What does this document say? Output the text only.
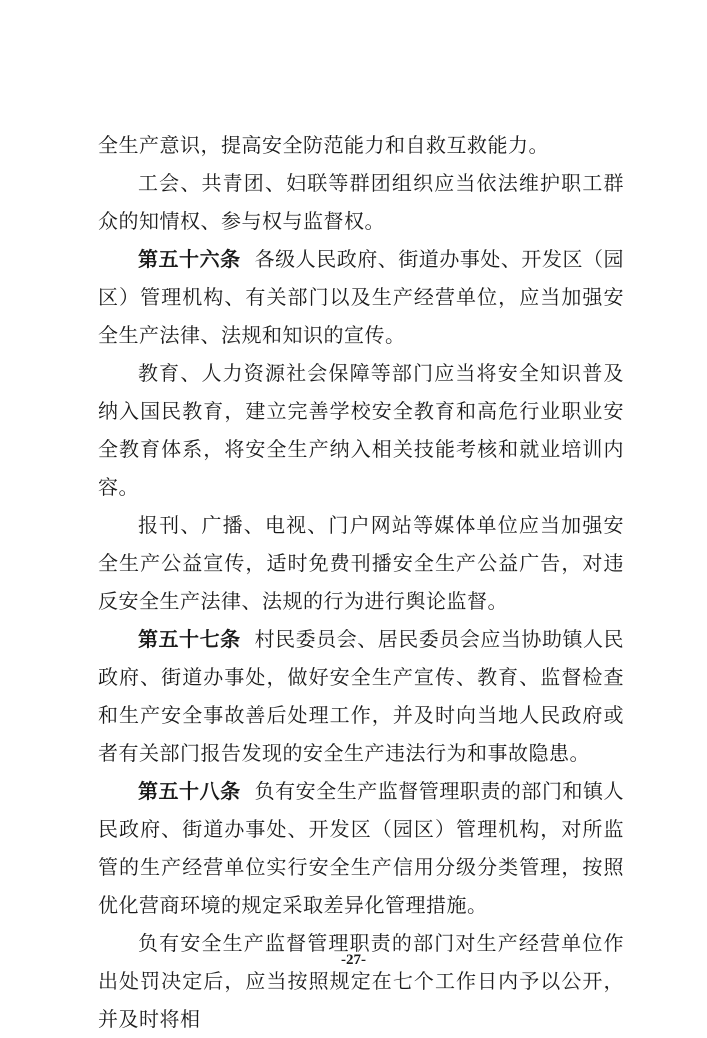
全生产意识，提高安全防范能力和自救互救能力。

工会、共青团、妇联等群团组织应当依法维护职工群众的知情权、参与权与监督权。

第五十六条 各级人民政府、街道办事处、开发区（园区）管理机构、有关部门以及生产经营单位，应当加强安全生产法律、法规和知识的宣传。

教育、人力资源社会保障等部门应当将安全知识普及纳入国民教育，建立完善学校安全教育和高危行业职业安全教育体系，将安全生产纳入相关技能考核和就业培训内容。

报刊、广播、电视、门户网站等媒体单位应当加强安全生产公益宣传，适时免费刊播安全生产公益广告，对违反安全生产法律、法规的行为进行舆论监督。

第五十七条 村民委员会、居民委员会应当协助镇人民政府、街道办事处，做好安全生产宣传、教育、监督检查和生产安全事故善后处理工作，并及时向当地人民政府或者有关部门报告发现的安全生产违法行为和事故隐患。

第五十八条 负有安全生产监督管理职责的部门和镇人民政府、街道办事处、开发区（园区）管理机构，对所监管的生产经营单位实行安全生产信用分级分类管理，按照优化营商环境的规定采取差异化管理措施。

负有安全生产监督管理职责的部门对生产经营单位作出处罚决定后，应当按照规定在七个工作日内予以公开，并及时将相

-27-
